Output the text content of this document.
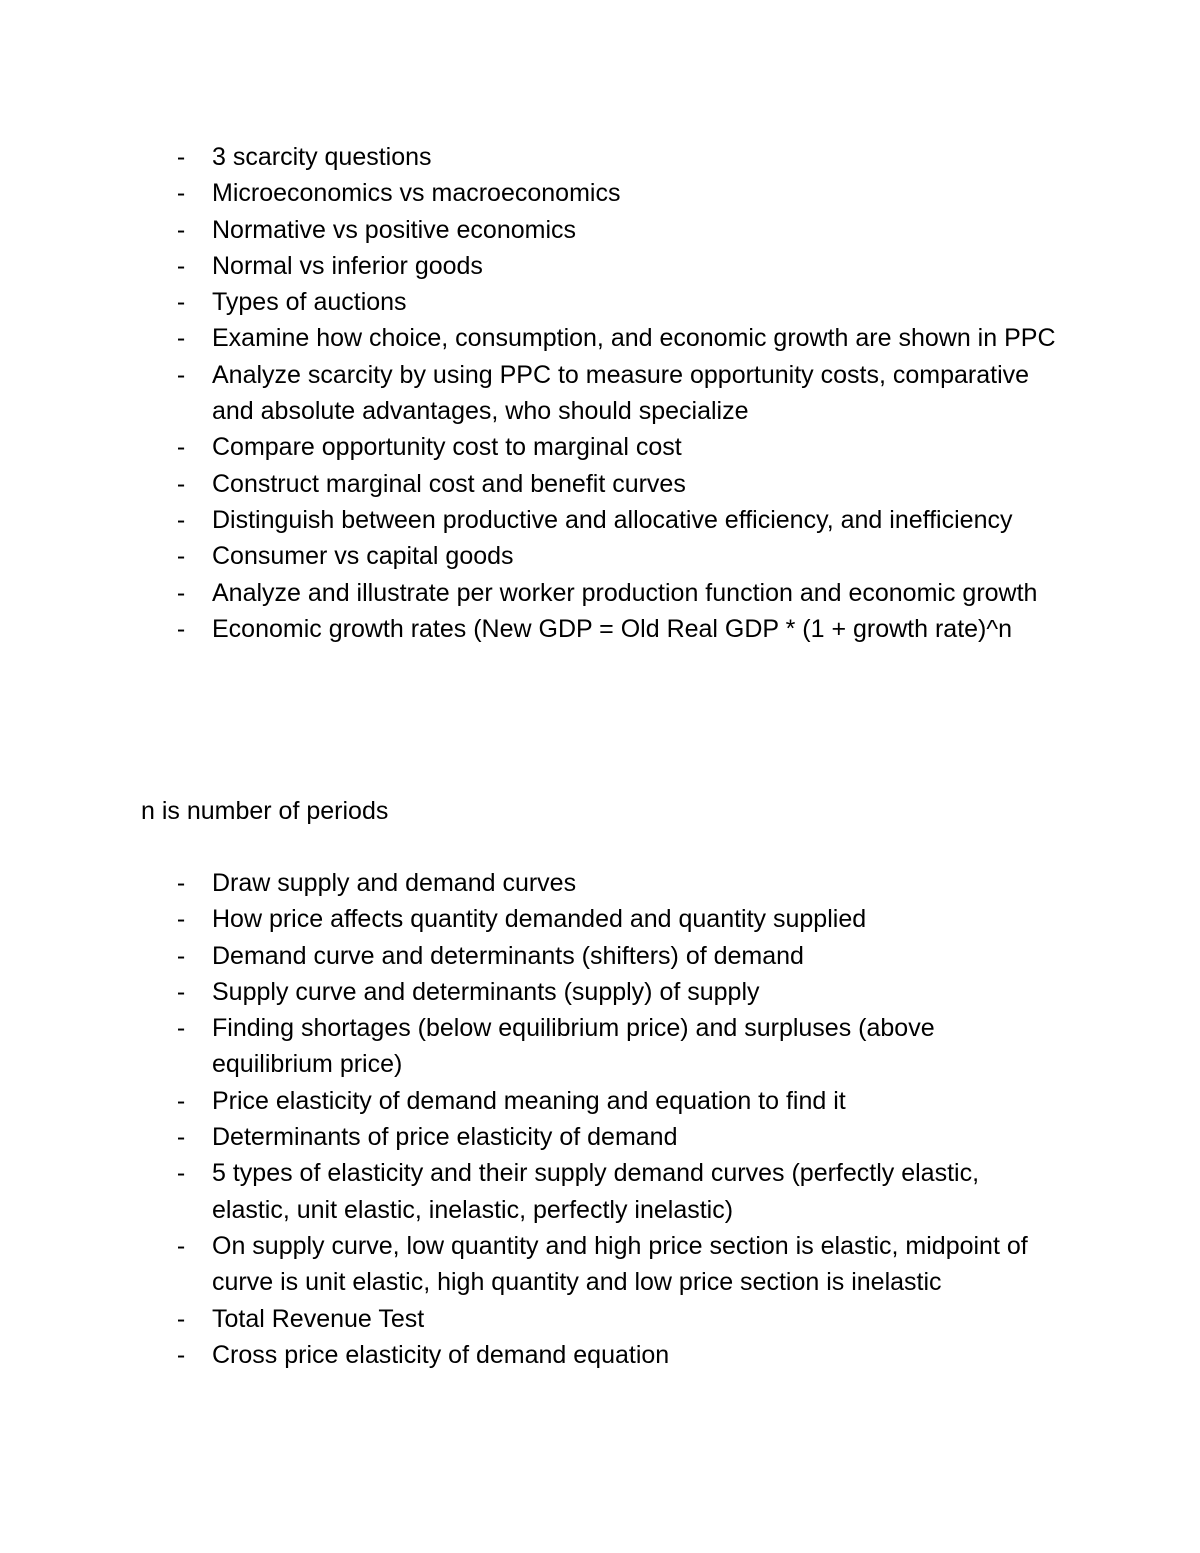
- 3 scarcity questions
- Microeconomics vs macroeconomics
- Normative vs positive economics
- Normal vs inferior goods
- Types of auctions
- Examine how choice, consumption, and economic growth are shown in PPC
- Analyze scarcity by using PPC to measure opportunity costs, comparative and absolute advantages, who should specialize
- Compare opportunity cost to marginal cost
- Construct marginal cost and benefit curves
- Distinguish between productive and allocative efficiency, and inefficiency
- Consumer vs capital goods
- Analyze and illustrate per worker production function and economic growth
- Economic growth rates (New GDP = Old Real GDP * (1 + growth rate)^n

n is number of periods

- Draw supply and demand curves
- How price affects quantity demanded and quantity supplied
- Demand curve and determinants (shifters) of demand
- Supply curve and determinants (supply) of supply
- Finding shortages (below equilibrium price) and surpluses (above equilibrium price)
- Price elasticity of demand meaning and equation to find it
- Determinants of price elasticity of demand
- 5 types of elasticity and their supply demand curves (perfectly elastic, elastic, unit elastic, inelastic, perfectly inelastic)
- On supply curve, low quantity and high price section is elastic, midpoint of curve is unit elastic, high quantity and low price section is inelastic
- Total Revenue Test
- Cross price elasticity of demand equation
